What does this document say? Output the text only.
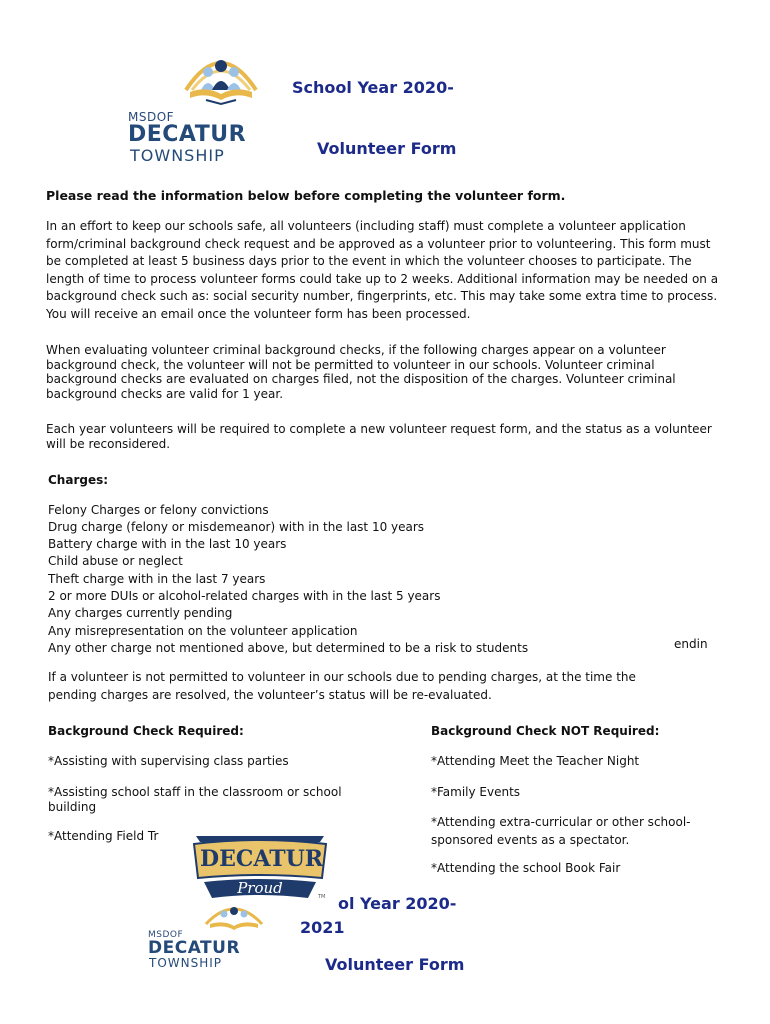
MSDOF
DECATUR
TOWNSHIP
School Year 2020-
Volunteer Form
Please read the information below before completing the volunteer form.
In an effort to keep our schools safe, all volunteers (including staff) must complete a volunteer application form/criminal background check request and be approved as a volunteer prior to volunteering. This form must be completed at least 5 business days prior to the event in which the volunteer chooses to participate. The length of time to process volunteer forms could take up to 2 weeks. Additional information may be needed on a background check such as: social security number, fingerprints, etc. This may take some extra time to process. You will receive an email once the volunteer form has been processed.
When evaluating volunteer criminal background checks, if the following charges appear on a volunteer background check, the volunteer will not be permitted to volunteer in our schools. Volunteer criminal background checks are evaluated on charges filed, not the disposition of the charges. Volunteer criminal background checks are valid for 1 year.
Each year volunteers will be required to complete a new volunteer request form, and the status as a volunteer will be reconsidered.
Charges:
Felony Charges or felony convictions
Drug charge (felony or misdemeanor) with in the last 10 years
Battery charge with in the last 10 years
Child abuse or neglect
Theft charge with in the last 7 years
2 or more DUIs or alcohol-related charges with in the last 5 years
Any charges currently pending
Any misrepresentation on the volunteer application
Any other charge not mentioned above, but determined to be a risk to students	endin
If a volunteer is not permitted to volunteer in our schools due to pending charges, at the time the pending charges are resolved, the volunteer’s status will be re-evaluated.
Background Check Required:	Background Check NOT Required:
*Assisting with supervising class parties
*Assisting school staff in the classroom or school building
*Attending Field Tr
*Attending Meet the Teacher Night
*Family Events
*Attending extra-curricular or other school-sponsored events as a spectator.
*Attending the school Book Fair
DECATUR
Proud	TM
MSDOF
DECATUR
TOWNSHIP
ol Year 2020-
2021
Volunteer Form
